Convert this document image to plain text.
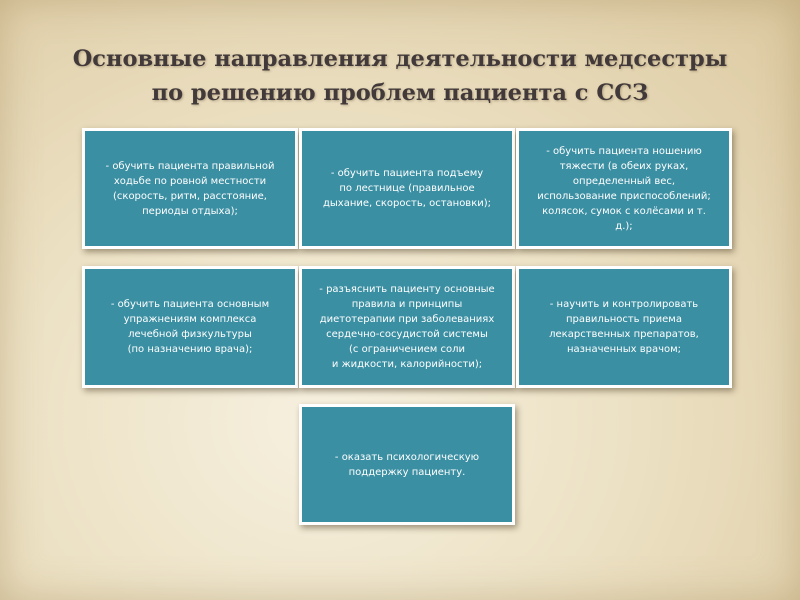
Основные направления деятельности медсестры
по решению проблем пациента с ССЗ
- обучить пациента правильной
ходьбе по ровной местности
(скорость, ритм, расстояние,
периоды отдыха);
- обучить пациента подъему
по лестнице (правильное
дыхание, скорость, остановки);
- обучить пациента ношению
тяжести (в обеих руках,
определенный вес,
использование приспособлений;
колясок, сумок с колёсами и т.
д.);
- обучить пациента основным
упражнениям комплекса
лечебной физкультуры
(по назначению врача);
- разъяснить пациенту основные
правила и принципы
диетотерапии при заболеваниях
сердечно-сосудистой системы
(с ограничением соли
и жидкости, калорийности);
- научить и контролировать
правильность приема
лекарственных препаратов,
назначенных врачом;
- оказать психологическую
поддержку пациенту.
